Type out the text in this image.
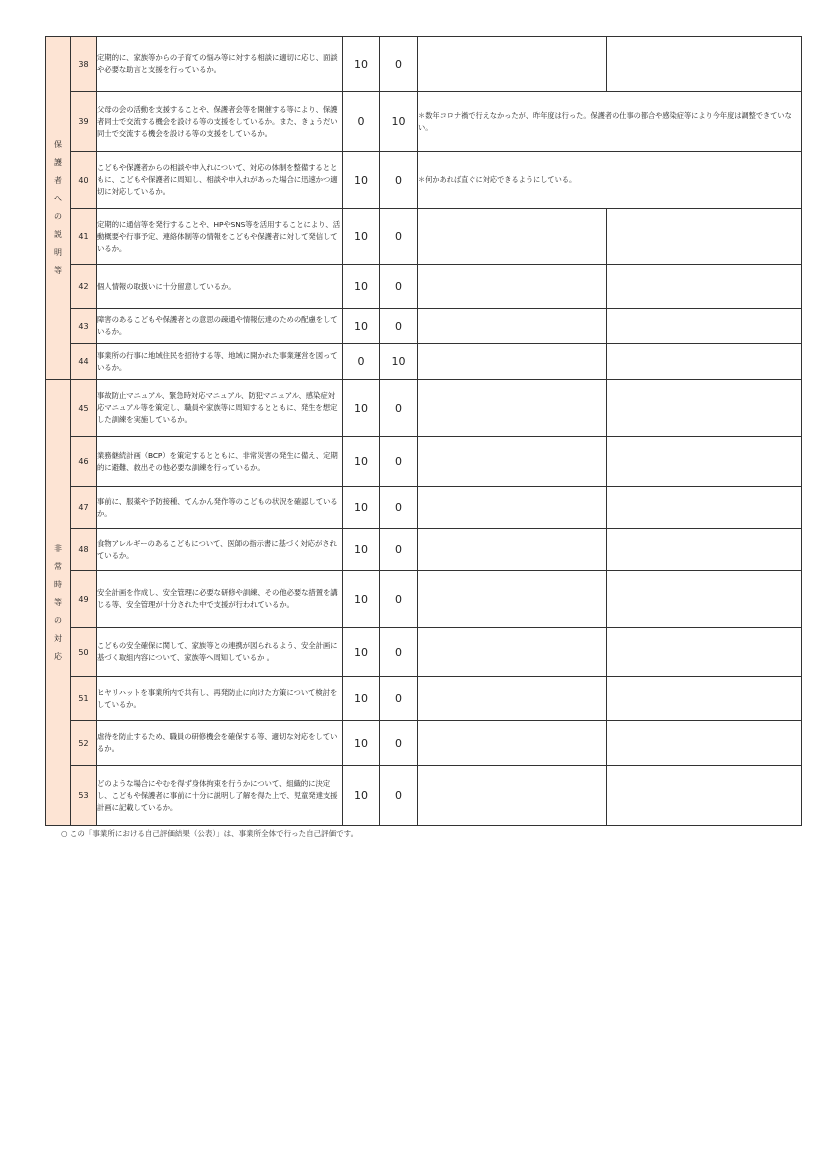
保護者への説明等	38	定期的に、家族等からの子育ての悩み等に対する相談に適切に応じ、面談や必要な助言と支援を行っているか。	10	0		
	39	父母の会の活動を支援することや、保護者会等を開催する等により、保護者同士で交流する機会を設ける等の支援をしているか。また、きょうだい同士で交流する機会を設ける等の支援をしているか。	0	10	＊数年コロナ禍で行えなかったが、昨年度は行った。保護者の仕事の都合や感染症等により今年度は調整できていない。	
	40	こどもや保護者からの相談や申入れについて、対応の体制を整備するとともに、こどもや保護者に周知し、相談や申入れがあった場合に迅速かつ適切に対応しているか。	10	0	＊何かあれば直ぐに対応できるようにしている。	
	41	定期的に通信等を発行することや、HPやSNS等を活用することにより、活動概要や行事予定、連絡体制等の情報をこどもや保護者に対して発信しているか。	10	0		
	42	個人情報の取扱いに十分留意しているか。	10	0		
	43	障害のあるこどもや保護者との意思の疎通や情報伝達のための配慮をしているか。	10	0		
	44	事業所の行事に地域住民を招待する等、地域に開かれた事業運営を図っているか。	0	10		
非常時等の対応	45	事故防止マニュアル、緊急時対応マニュアル、防犯マニュアル、感染症対応マニュアル等を策定し、職員や家族等に周知するとともに、発生を想定した訓練を実施しているか。	10	0		
	46	業務継続計画（BCP）を策定するとともに、非常災害の発生に備え、定期的に避難、救出その他必要な訓練を行っているか。	10	0		
	47	事前に、服薬や予防接種、てんかん発作等のこどもの状況を確認しているか。	10	0		
	48	食物アレルギーのあるこどもについて、医師の指示書に基づく対応がされているか。	10	0		
	49	安全計画を作成し、安全管理に必要な研修や訓練、その他必要な措置を講じる等、安全管理が十分された中で支援が行われているか。	10	0		
	50	こどもの安全確保に関して、家族等との連携が図られるよう、安全計画に基づく取組内容について、家族等へ周知しているか 。	10	0		
	51	ヒヤリハットを事業所内で共有し、再発防止に向けた方策について検討をしているか。	10	0		
	52	虐待を防止するため、職員の研修機会を確保する等、適切な対応をしているか。	10	0		
	53	どのような場合にやむを得ず身体拘束を行うかについて、組織的に決定し、こどもや保護者に事前に十分に説明し了解を得た上で、児童発達支援計画に記載しているか。	10	0		
○ この「事業所における自己評価結果（公表）」は、事業所全体で行った自己評価です。
